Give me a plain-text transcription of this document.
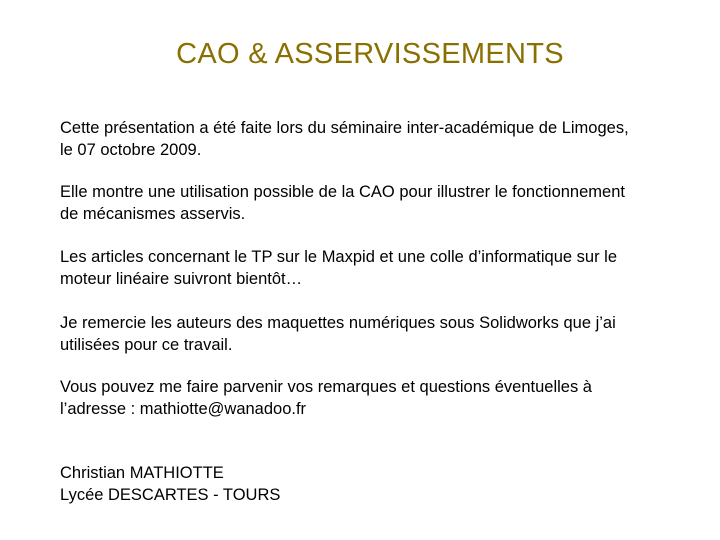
CAO & ASSERVISSEMENTS

Cette présentation a été faite lors du séminaire inter-académique de Limoges,
le 07 octobre 2009.

Elle montre une utilisation possible de la CAO pour illustrer le fonctionnement
de mécanismes asservis.

Les articles concernant le TP sur le Maxpid et une colle d’informatique sur le
moteur linéaire suivront bientôt…

Je remercie les auteurs des maquettes numériques sous Solidworks que j’ai
utilisées pour ce travail.

Vous pouvez me faire parvenir vos remarques et questions éventuelles à
l’adresse : mathiotte@wanadoo.fr

Christian MATHIOTTE
Lycée DESCARTES - TOURS
